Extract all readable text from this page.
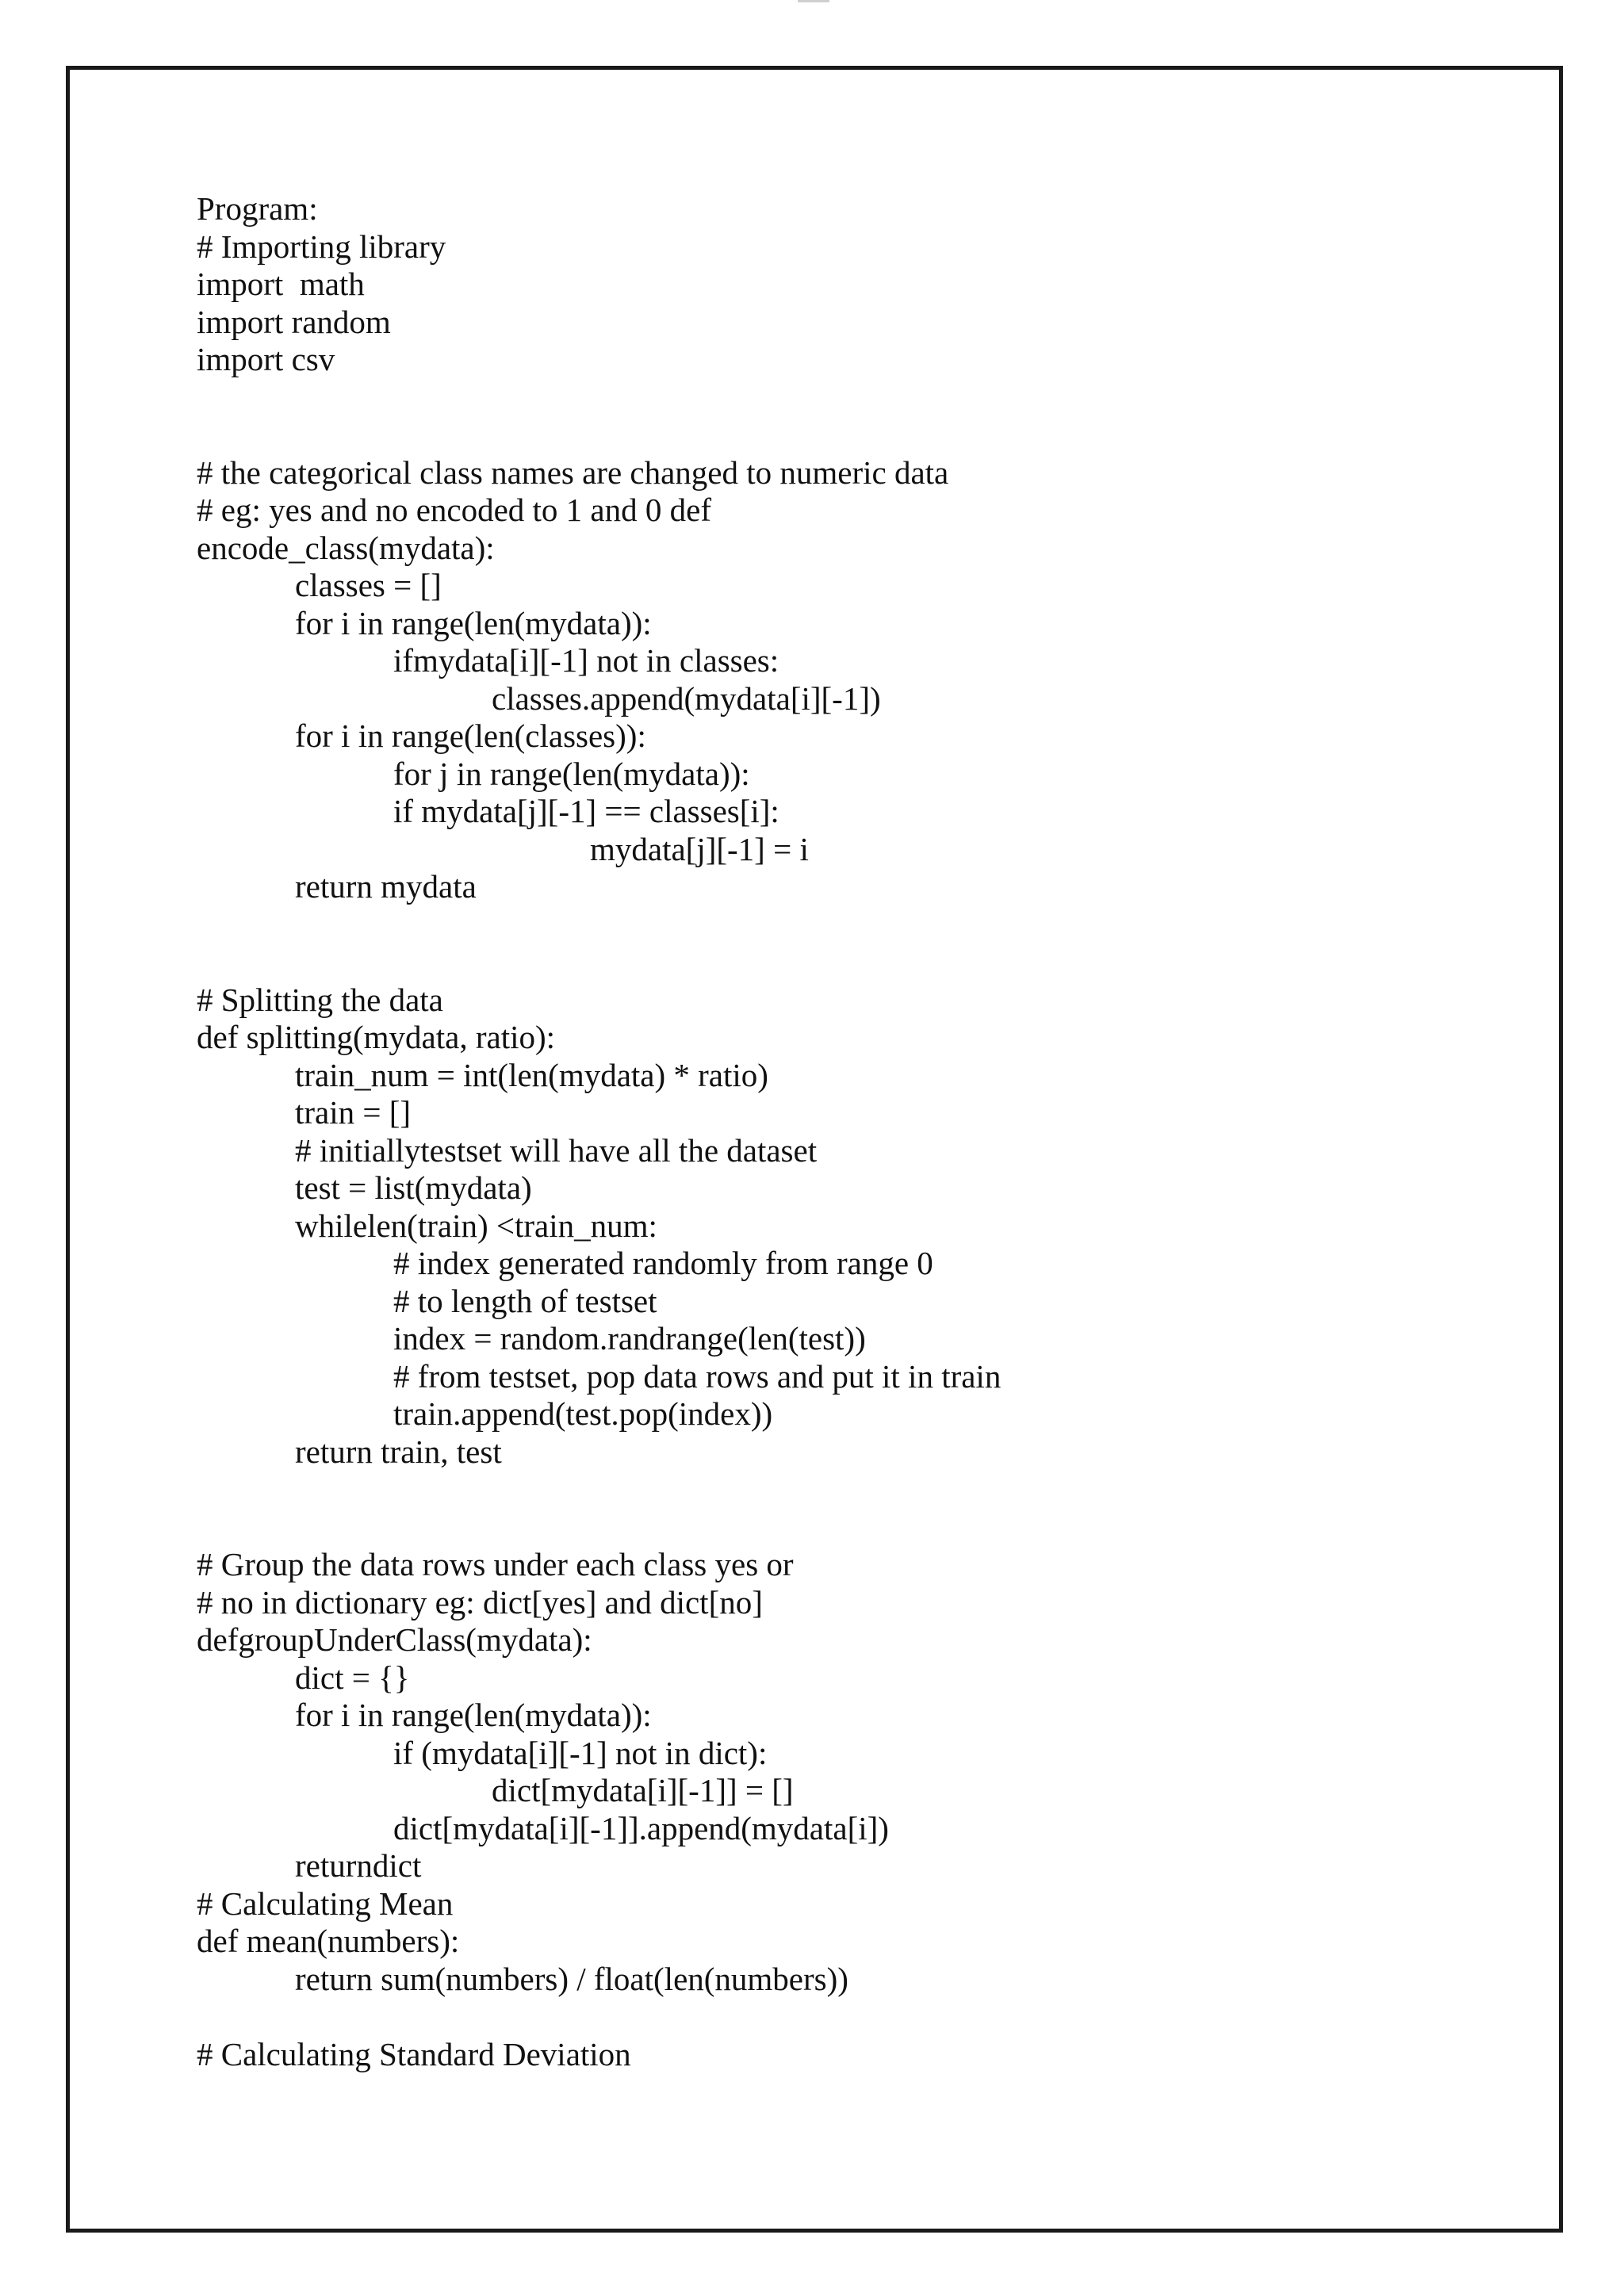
Program:
# Importing library
import  math
import random
import csv
# the categorical class names are changed to numeric data
# eg: yes and no encoded to 1 and 0 def
encode_class(mydata):
classes = []
for i in range(len(mydata)):
ifmydata[i][-1] not in classes:
classes.append(mydata[i][-1])
for i in range(len(classes)):
for j in range(len(mydata)):
if mydata[j][-1] == classes[i]:
mydata[j][-1] = i
return mydata
# Splitting the data
def splitting(mydata, ratio):
train_num = int(len(mydata) * ratio)
train = []
# initiallytestset will have all the dataset
test = list(mydata)
whilelen(train) <train_num:
# index generated randomly from range 0
# to length of testset
index = random.randrange(len(test))
# from testset, pop data rows and put it in train
train.append(test.pop(index))
return train, test
# Group the data rows under each class yes or
# no in dictionary eg: dict[yes] and dict[no]
defgroupUnderClass(mydata):
dict = {}
for i in range(len(mydata)):
if (mydata[i][-1] not in dict):
dict[mydata[i][-1]] = []
dict[mydata[i][-1]].append(mydata[i])
returndict
# Calculating Mean
def mean(numbers):
return sum(numbers) / float(len(numbers))
# Calculating Standard Deviation
